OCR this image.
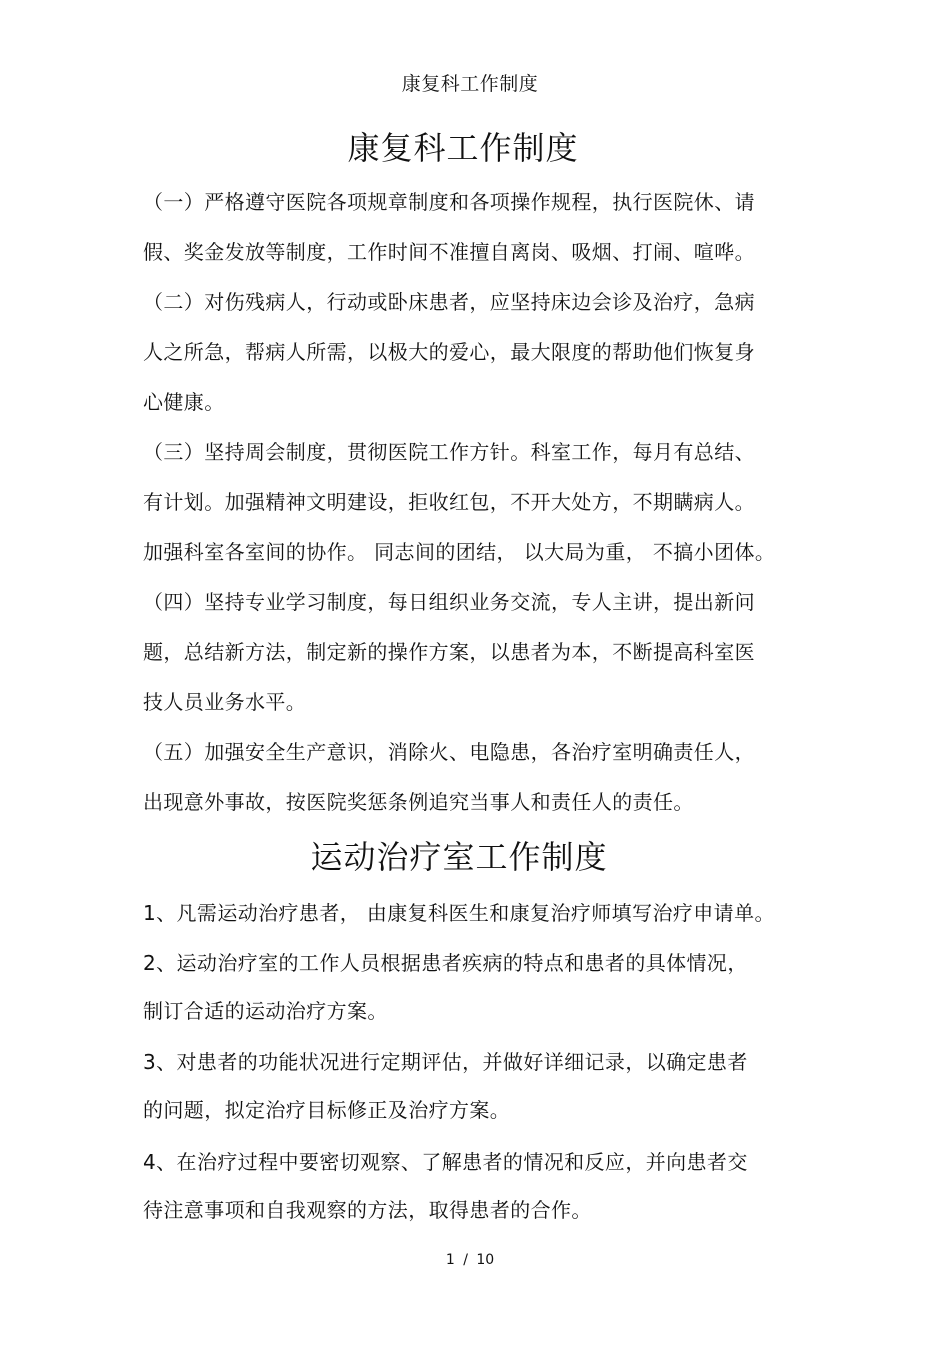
康复科工作制度
康复科工作制度
（一）严格遵守医院各项规章制度和各项操作规程，执行医院休、请
假、奖金发放等制度，工作时间不准擅自离岗、吸烟、打闹、喧哗。
（二）对伤残病人，行动或卧床患者，应坚持床边会诊及治疗，急病
人之所急，帮病人所需，以极大的爱心，最大限度的帮助他们恢复身
心健康。
（三）坚持周会制度，贯彻医院工作方针。科室工作，每月有总结、
有计划。加强精神文明建设，拒收红包，不开大处方，不期瞒病人。
加强科室各室间的协作。 同志间的团结， 以大局为重， 不搞小团体。
（四）坚持专业学习制度，每日组织业务交流，专人主讲，提出新问
题，总结新方法，制定新的操作方案，以患者为本，不断提高科室医
技人员业务水平。
（五）加强安全生产意识，消除火、电隐患，各治疗室明确责任人，
出现意外事故，按医院奖惩条例追究当事人和责任人的责任。
运动治疗室工作制度
1、凡需运动治疗患者， 由康复科医生和康复治疗师填写治疗申请单。
2、运动治疗室的工作人员根据患者疾病的特点和患者的具体情况，
制订合适的运动治疗方案。
3、对患者的功能状况进行定期评估，并做好详细记录，以确定患者
的问题，拟定治疗目标修正及治疗方案。
4、在治疗过程中要密切观察、了解患者的情况和反应，并向患者交
待注意事项和自我观察的方法，取得患者的合作。
1 / 10
